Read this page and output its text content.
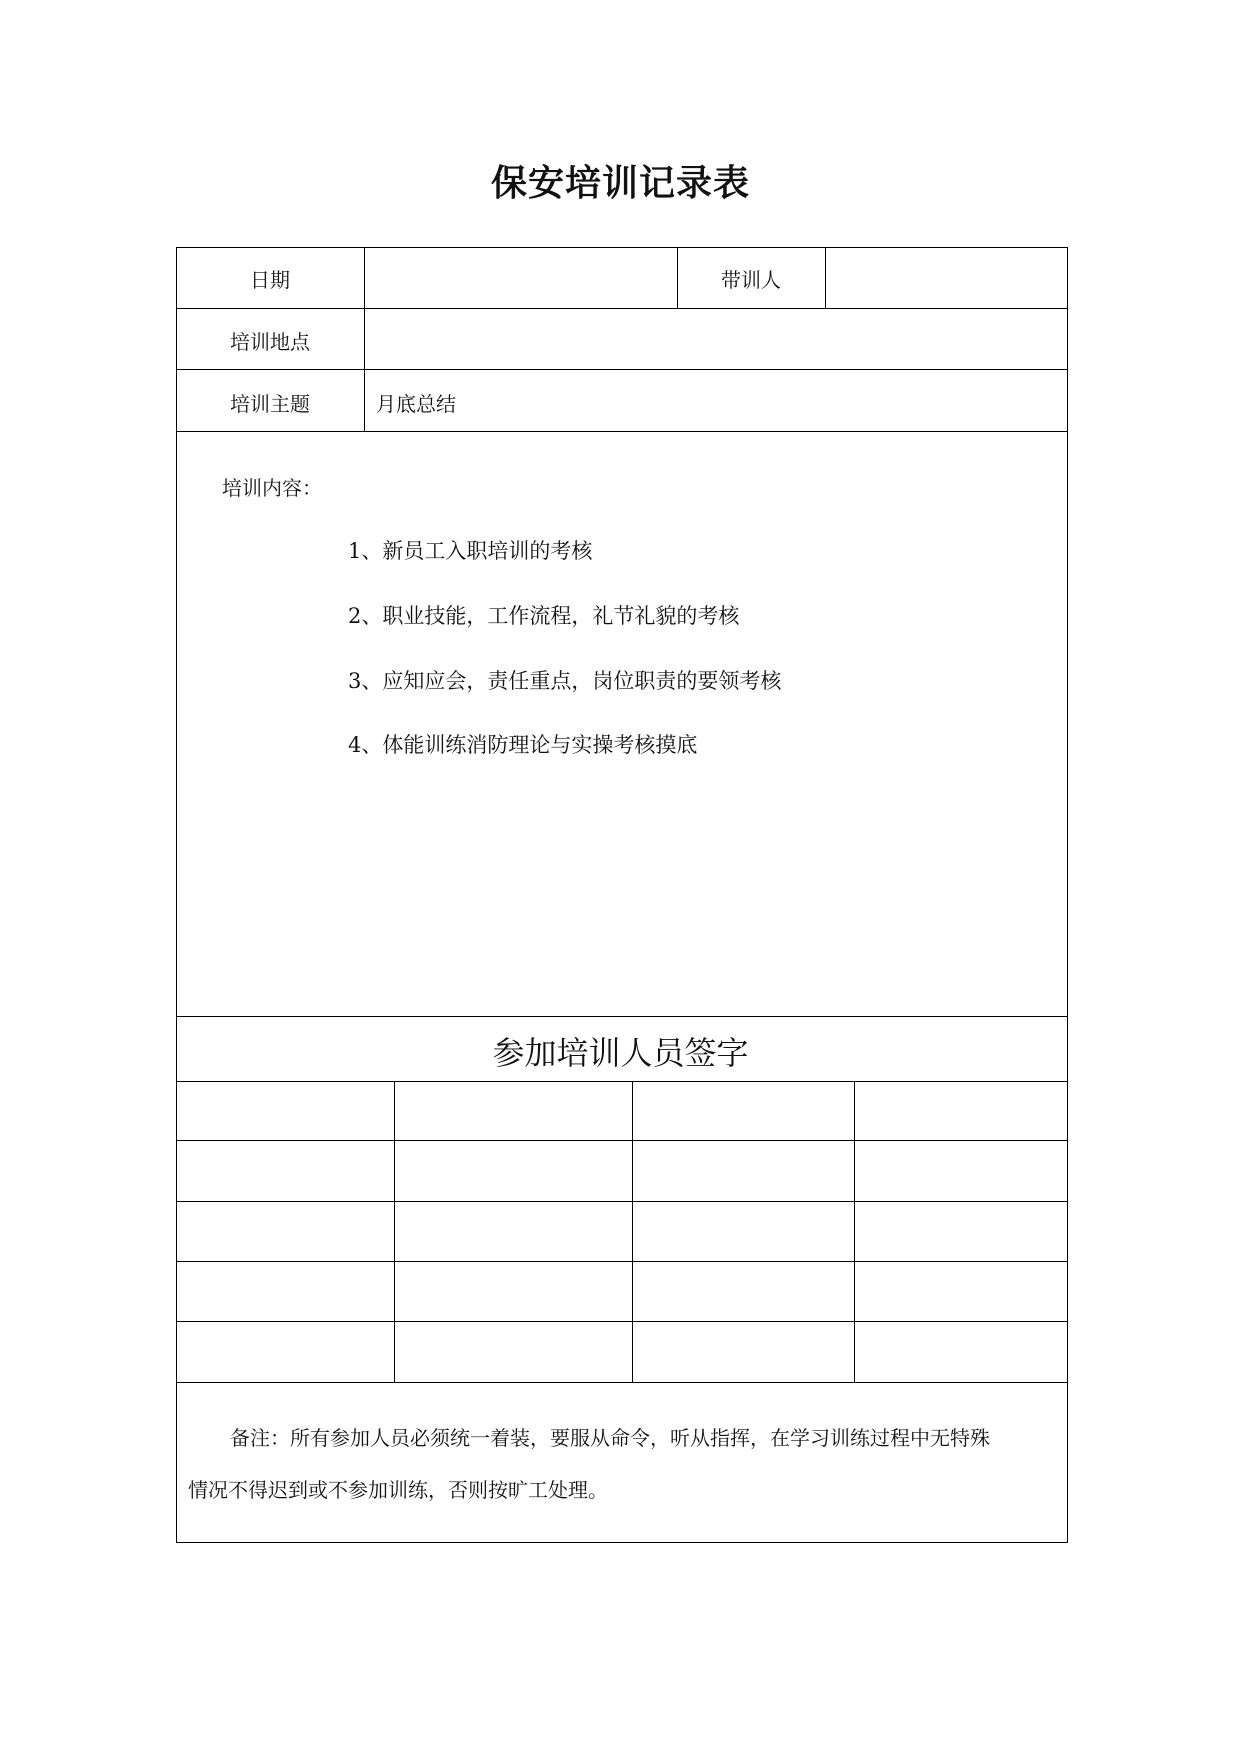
保安培训记录表
日期	带训人
培训地点
培训主题	月底总结
培训内容：
1、新员工入职培训的考核
2、职业技能，工作流程，礼节礼貌的考核
3、应知应会，责任重点，岗位职责的要领考核
4、体能训练消防理论与实操考核摸底
参加培训人员签字
备注：所有参加人员必须统一着装，要服从命令，听从指挥，在学习训练过程中无特殊
情况不得迟到或不参加训练，否则按旷工处理。
